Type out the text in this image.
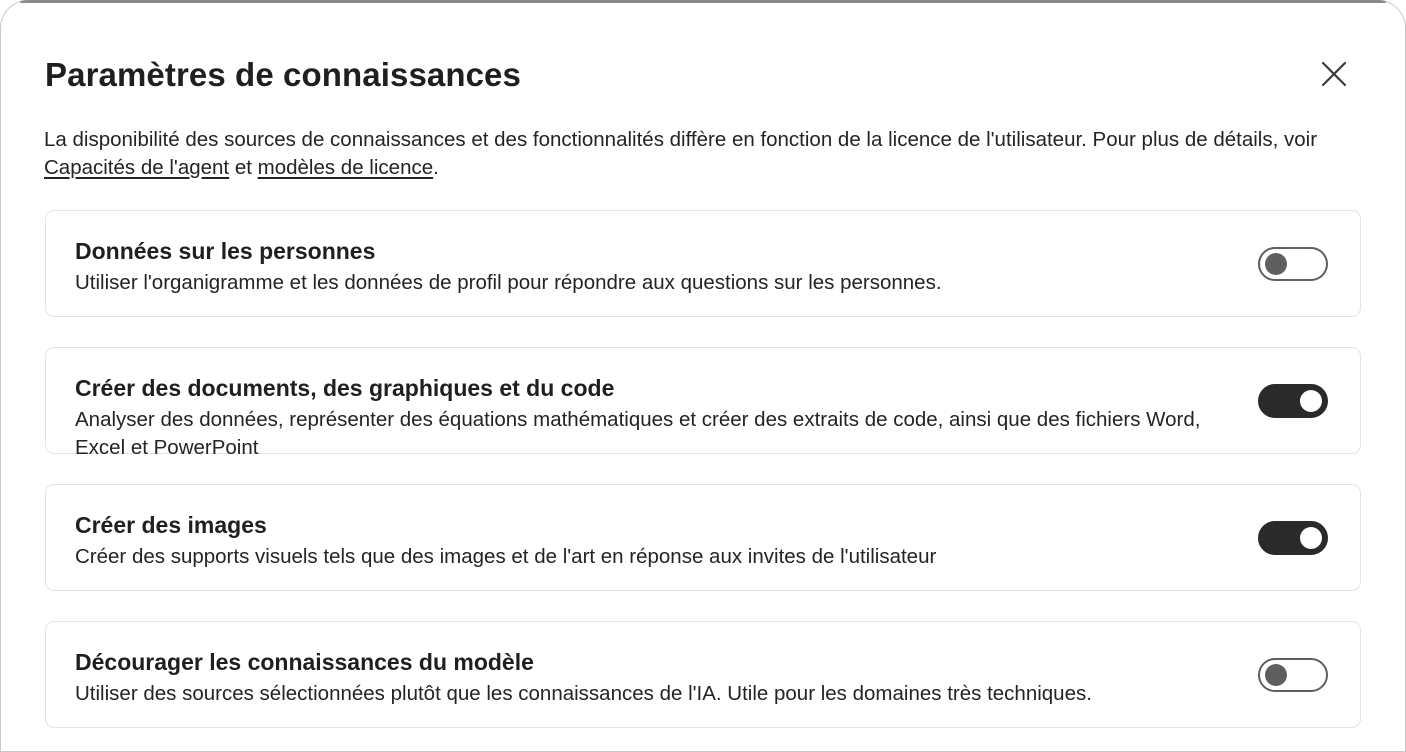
Paramètres de connaissances

La disponibilité des sources de connaissances et des fonctionnalités diffère en fonction de la licence de l'utilisateur. Pour plus de détails, voir Capacités de l'agent et modèles de licence.

Données sur les personnes

Utiliser l'organigramme et les données de profil pour répondre aux questions sur les personnes.

Créer des documents, des graphiques et du code

Analyser des données, représenter des équations mathématiques et créer des extraits de code, ainsi que des fichiers Word, Excel et PowerPoint

Créer des images

Créer des supports visuels tels que des images et de l'art en réponse aux invites de l'utilisateur

Décourager les connaissances du modèle

Utiliser des sources sélectionnées plutôt que les connaissances de l'IA. Utile pour les domaines très techniques.
